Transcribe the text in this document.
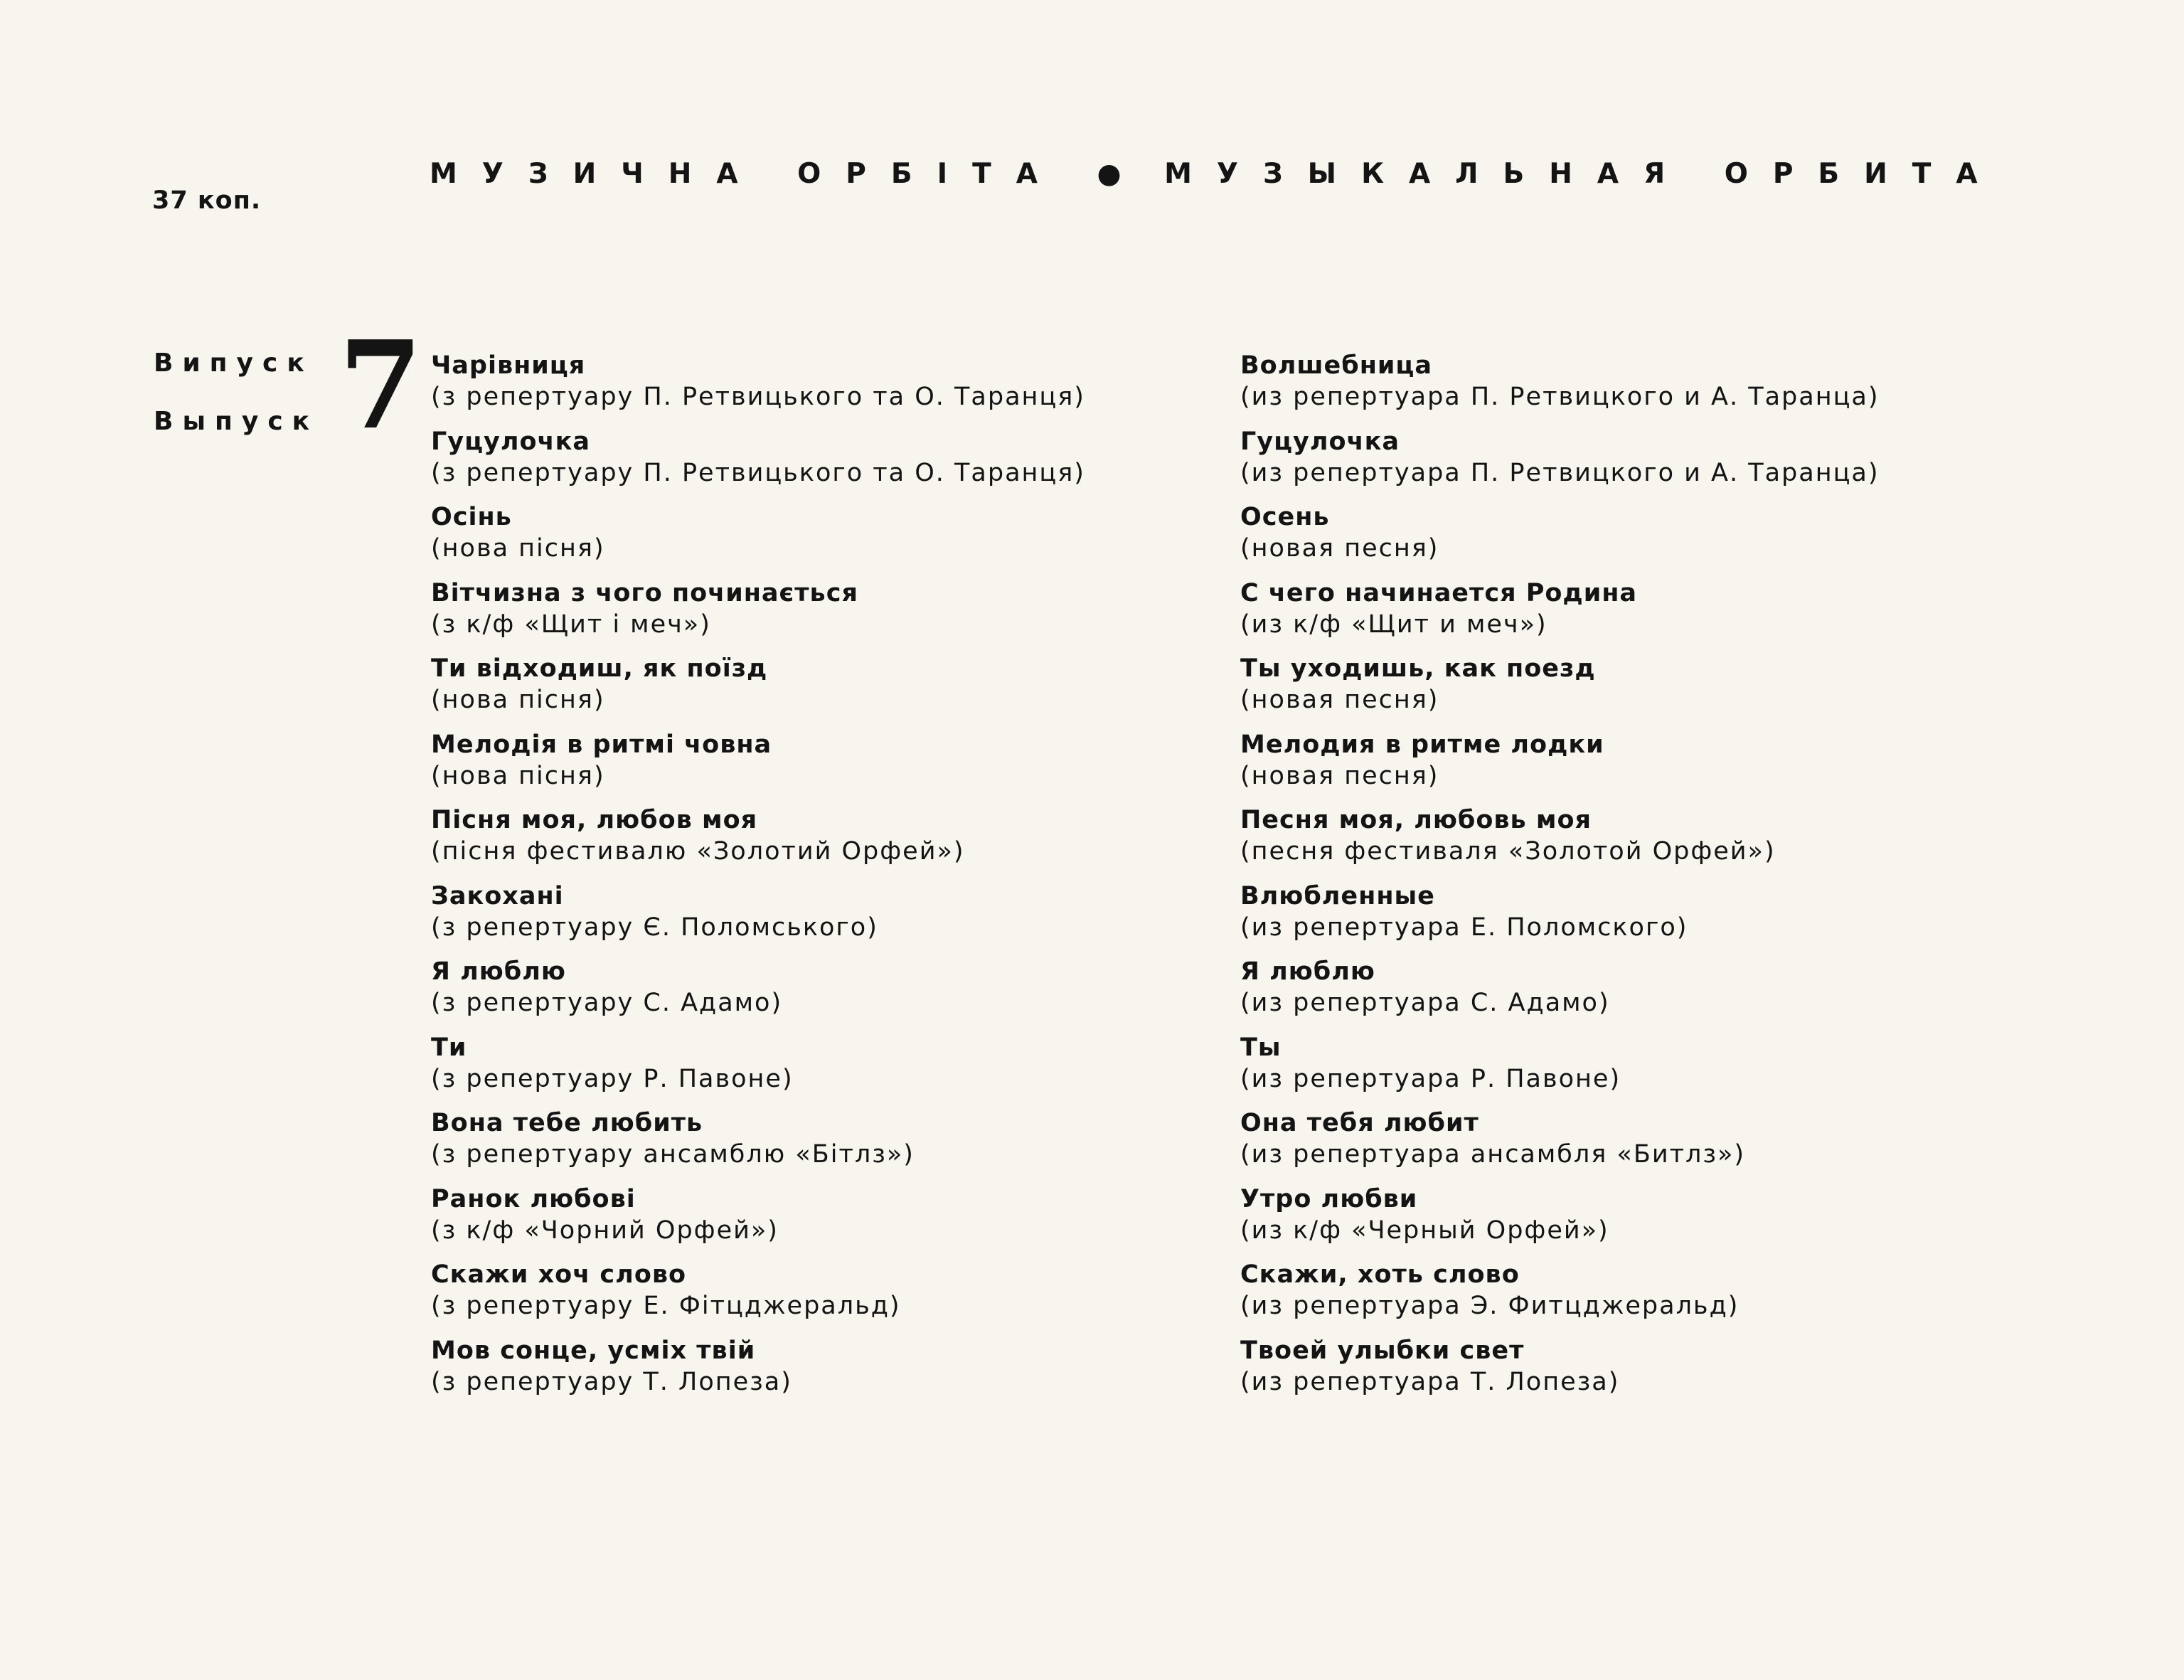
37 коп.
МУЗИЧНА ОРБІТА ● МУЗЫКАЛЬНАЯ ОРБИТА
Випуск
Выпуск 7 Чарівниця
(з репертуару П. Ретвицького та О. Таранця)
Гуцулочка
(з репертуару П. Ретвицького та О. Таранця)
Осінь
(нова пісня)
Вітчизна з чого починається
(з к/ф «Щит і меч»)
Ти відходиш, як поїзд
(нова пісня)
Мелодія в ритмі човна
(нова пісня)
Пісня моя, любов моя
(пісня фестивалю «Золотий Орфей»)
Закохані
(з репертуару Є. Поломського)
Я люблю
(з репертуару С. Адамо)
Ти
(з репертуару Р. Павоне)
Вона тебе любить
(з репертуару ансамблю «Бітлз»)
Ранок любові
(з к/ф «Чорний Орфей»)
Скажи хоч слово
(з репертуару Е. Фітцджеральд)
Мов сонце, усміх твій
(з репертуару Т. Лопеза)
Волшебница
(из репертуара П. Ретвицкого и А. Таранца)
Гуцулочка
(из репертуара П. Ретвицкого и А. Таранца)
Осень
(новая песня)
С чего начинается Родина
(из к/ф «Щит и меч»)
Ты уходишь, как поезд
(новая песня)
Мелодия в ритме лодки
(новая песня)
Песня моя, любовь моя
(песня фестиваля «Золотой Орфей»)
Влюбленные
(из репертуара Е. Поломского)
Я люблю
(из репертуара С. Адамо)
Ты
(из репертуара Р. Павоне)
Она тебя любит
(из репертуара ансамбля «Битлз»)
Утро любви
(из к/ф «Черный Орфей»)
Скажи, хоть слово
(из репертуара Э. Фитцджеральд)
Твоей улыбки свет
(из репертуара Т. Лопеза)
